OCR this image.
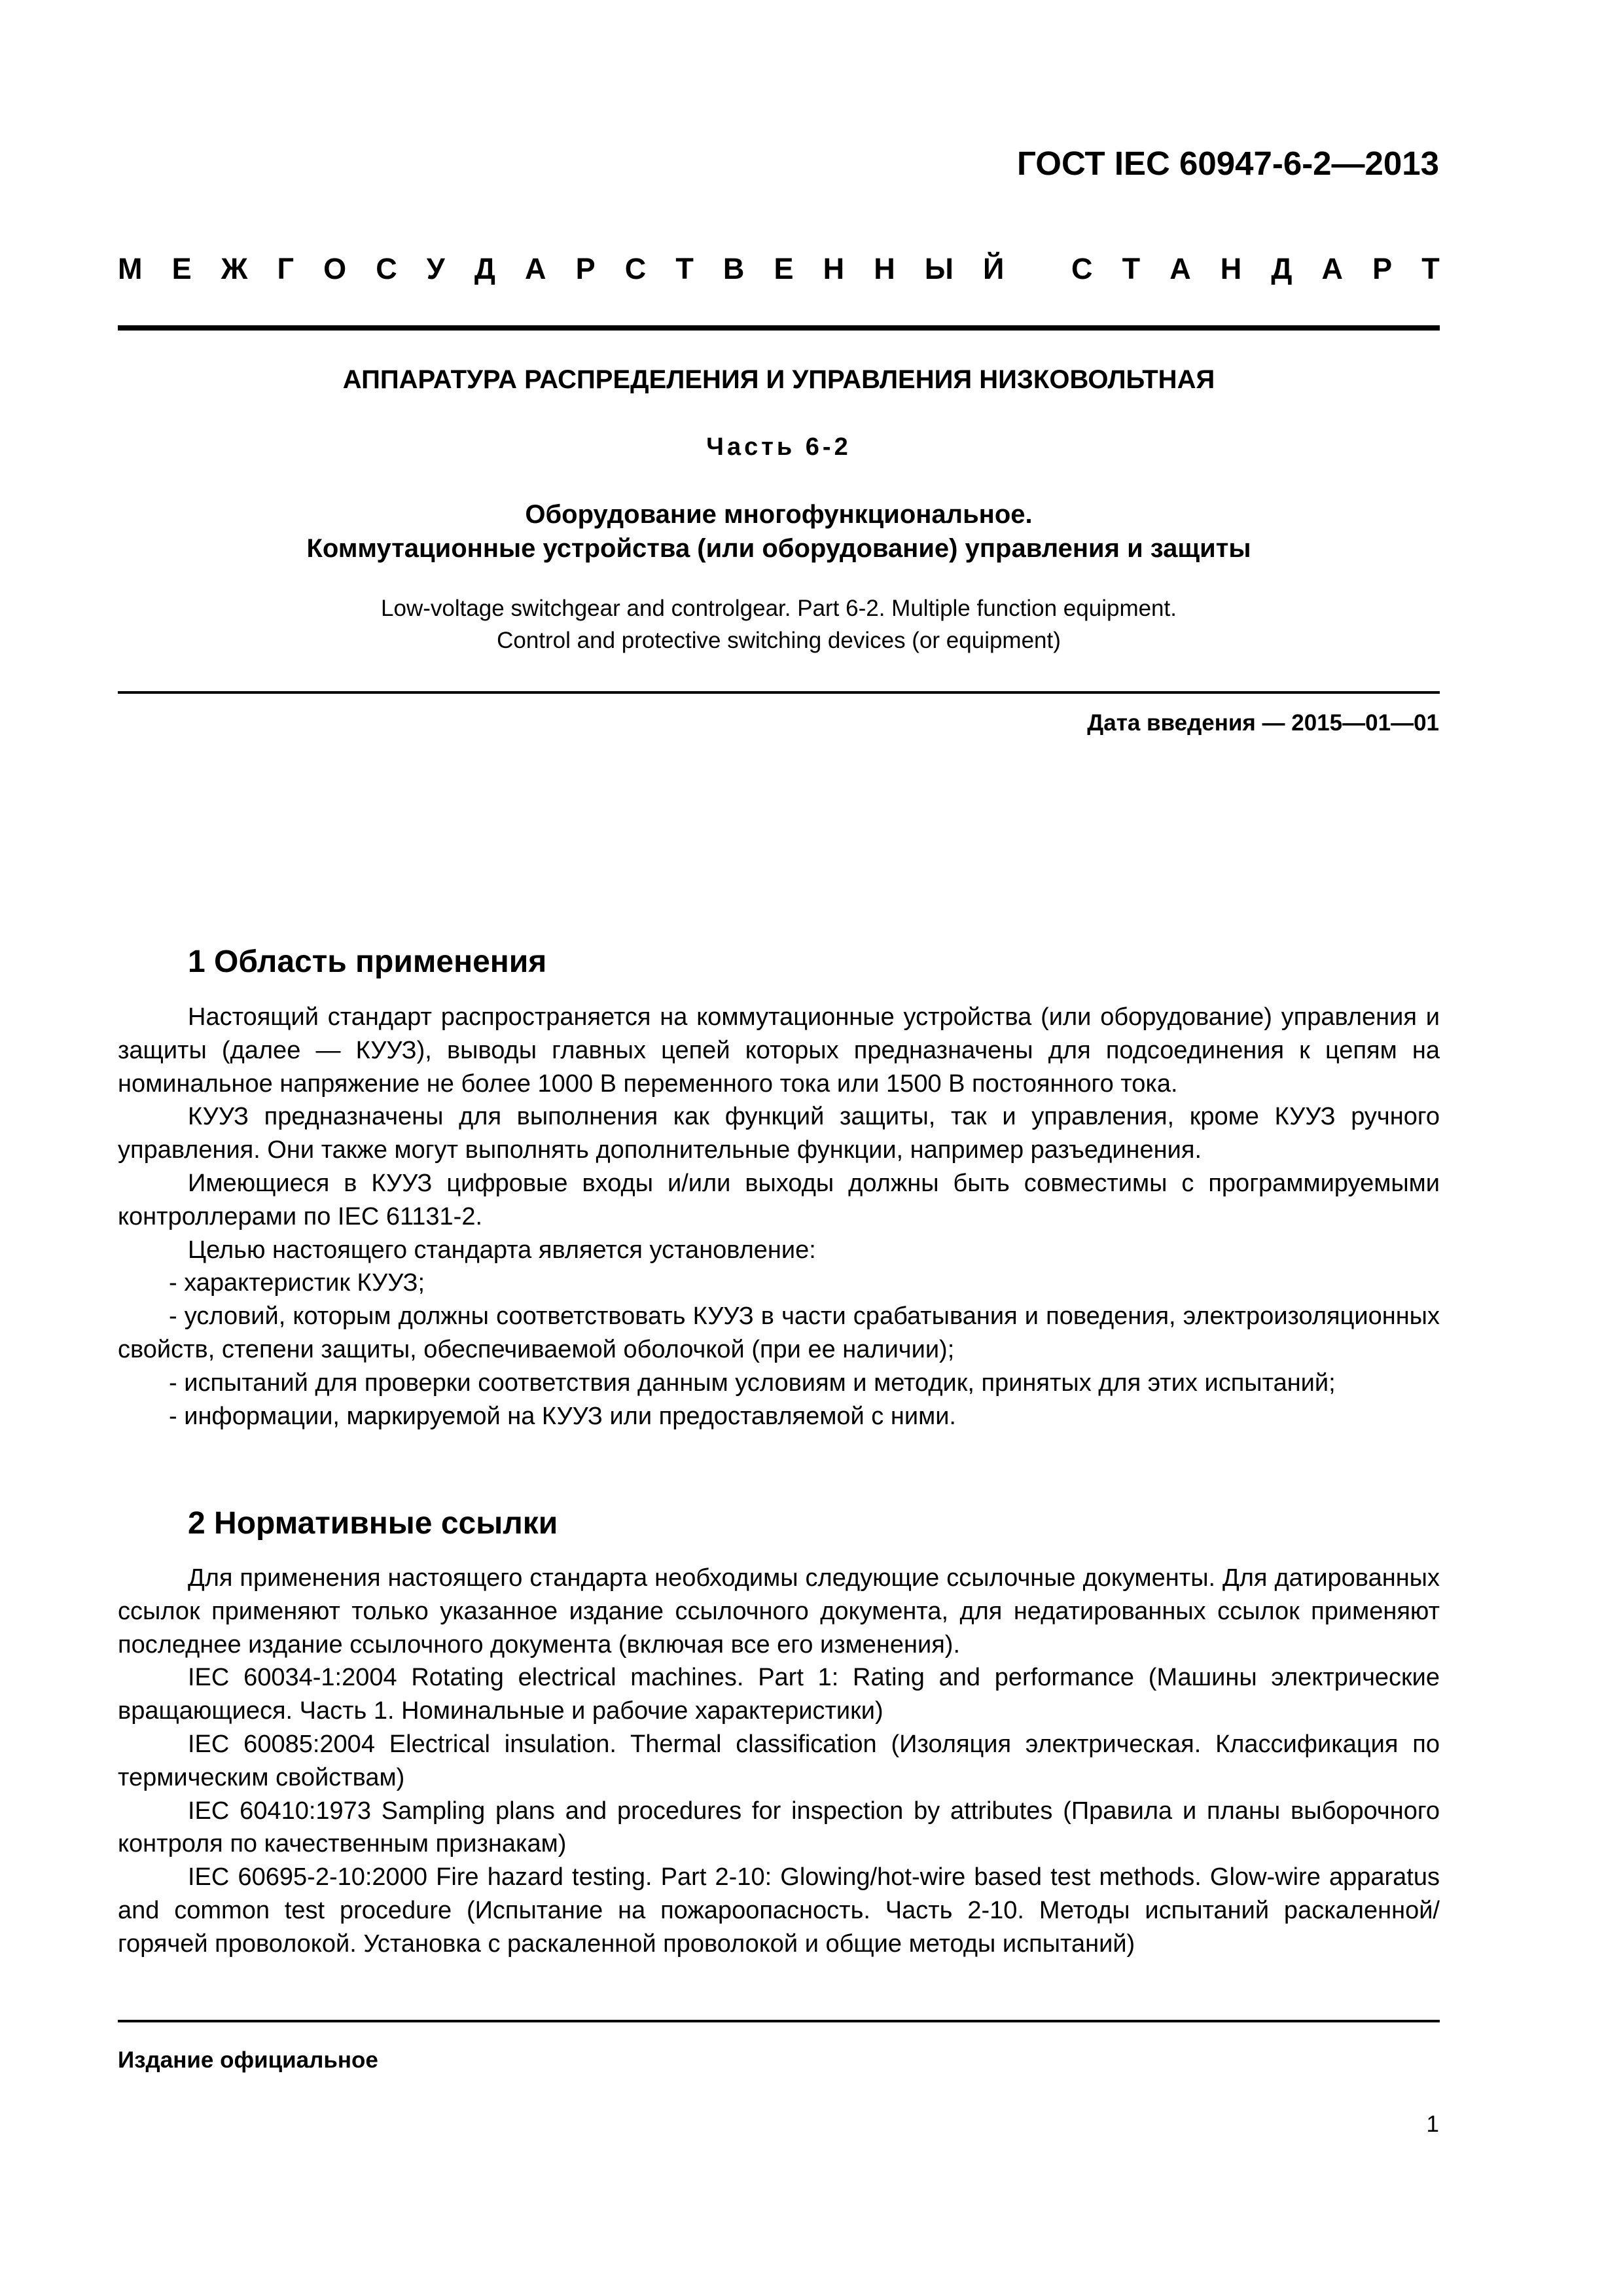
ГОСТ IEC 60947-6-2—2013
М Е Ж Г О С У Д А Р С Т В Е Н Н Ы Й
С Т А Н Д А Р Т
АППАРАТУРА РАСПРЕДЕЛЕНИЯ И УПРАВЛЕНИЯ НИЗКОВОЛЬТНАЯ
Часть 6-2
Оборудование многофункциональное.
Коммутационные устройства (или оборудование) управления и защиты
Low-voltage switchgear and controlgear. Part 6-2. Multiple function equipment.
Control and protective switching devices (or equipment)
Дата введения — 2015—01—01
1 Область применения

Настоящий стандарт распространяется на коммутационные устройства (или оборудование) управления и защиты (далее — КУУЗ), выводы главных цепей которых предназначены для подсоединения к цепям на номинальное напряжение не более 1000 В переменного тока или 1500 В постоянного тока.

КУУЗ предназначены для выполнения как функций защиты, так и управления, кроме КУУЗ ручного управления. Они также могут выполнять дополнительные функции, например разъединения.

Имеющиеся в КУУЗ цифровые входы и/или выходы должны быть совместимы с программируемыми контроллерами по IEC 61131-2.

Целью настоящего стандарта является установление:

- характеристик КУУЗ;

- условий, которым должны соответствовать КУУЗ в части срабатывания и поведения, электроизоляционных свойств, степени защиты, обеспечиваемой оболочкой (при ее наличии);

- испытаний для проверки соответствия данным условиям и методик, принятых для этих испытаний;

- информации, маркируемой на КУУЗ или предоставляемой с ними.

2 Нормативные ссылки

Для применения настоящего стандарта необходимы следующие ссылочные документы. Для датированных ссылок применяют только указанное издание ссылочного документа, для недатированных ссылок применяют последнее издание ссылочного документа (включая все его изменения).

IEC 60034-1:2004 Rotating electrical machines. Part 1: Rating and performance (Машины электрические вращающиеся. Часть 1. Номинальные и рабочие характеристики)

IEC 60085:2004 Electrical insulation. Thermal classification (Изоляция электрическая. Классификация по термическим свойствам)

IEC 60410:1973 Sampling plans and procedures for inspection by attributes (Правила и планы выборочного контроля по качественным признакам)

IEC 60695-2-10:2000 Fire hazard testing. Part 2-10: Glowing/hot-wire based test methods. Glow-wire apparatus and common test procedure (Испытание на пожароопасность. Часть 2-10. Методы испытаний раскаленной/горячей проволокой. Установка с раскаленной проволокой и общие методы испытаний)

Издание официальное
1
